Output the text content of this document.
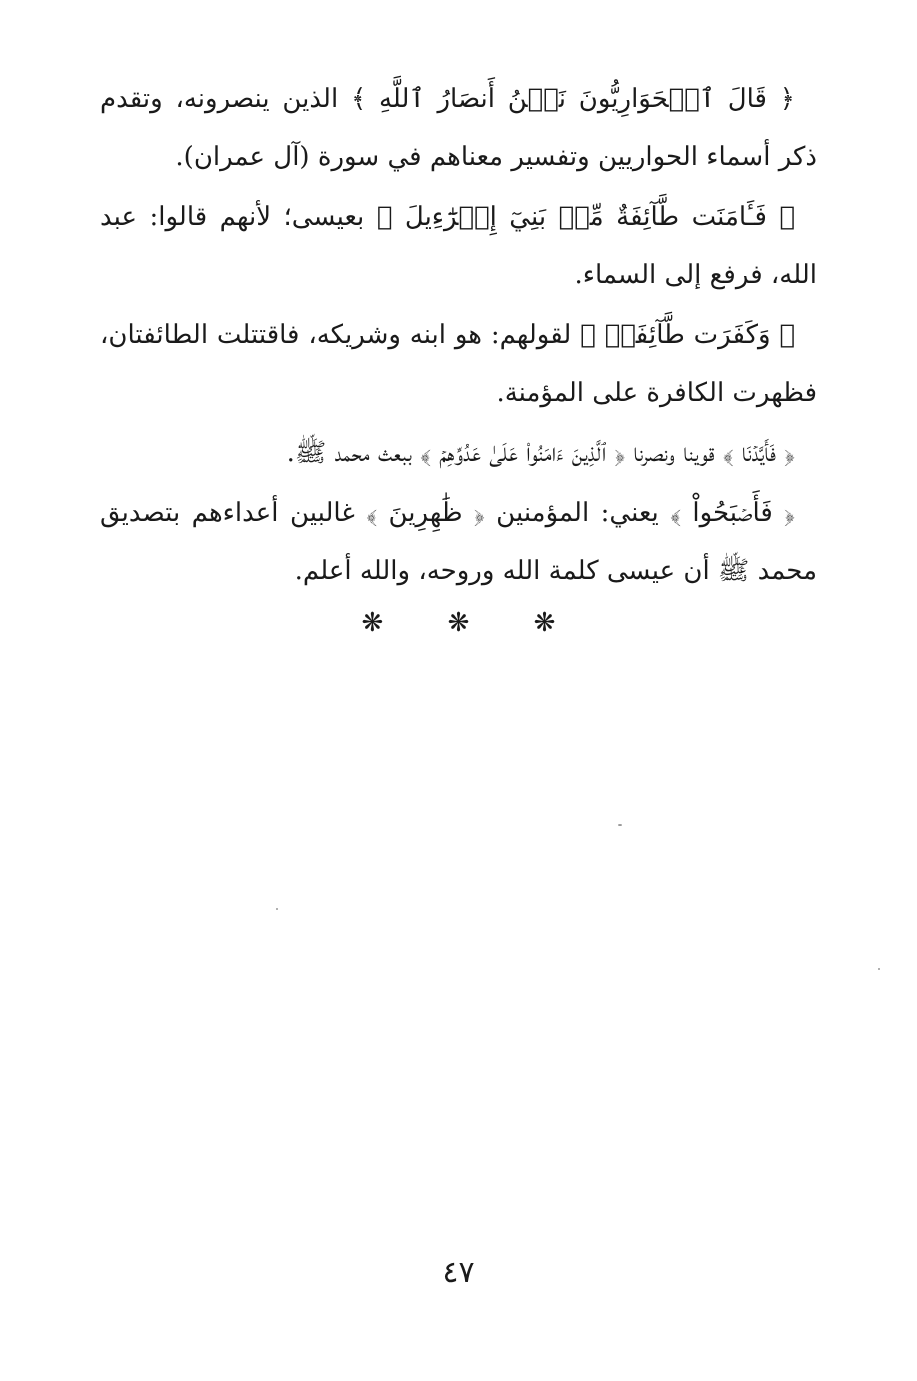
﴿ قَالَ ٱلۡحَوَارِيُّونَ نَحۡنُ أَنصَارُ ٱللَّهِ ﴾ الذين ينصرونه، وتقدم ذكر أسماء الحواريين وتفسير معناهم في سورة (آل عمران).

﴿ فَـَٔامَنَت طَّآئِفَةٌ مِّنۢ بَنِيٓ إِسۡرَٰٓءِيلَ ﴾ بعيسى؛ لأنهم قالوا: عبد الله، فرفع إلى السماء.

﴿ وَكَفَرَت طَّآئِفَةٞ ﴾ لقولهم: هو ابنه وشريكه، فاقتتلت الطائفتان، فظهرت الكافرة على المؤمنة.

﴿ فَأَيَّدۡنَا ﴾ قوينا ونصرنا ﴿ ٱلَّذِينَ ءَامَنُواْ عَلَىٰ عَدُوِّهِمۡ ﴾ ببعث محمد ﷺ.

﴿ فَأَصۡبَحُواْ ﴾ يعني: المؤمنين ﴿ ظَٰهِرِينَ ﴾ غالبين أعداءهم بتصديق محمد ﷺ أن عيسى كلمة الله وروحه، والله أعلم.

❋ ❋ ❋
٤٧
